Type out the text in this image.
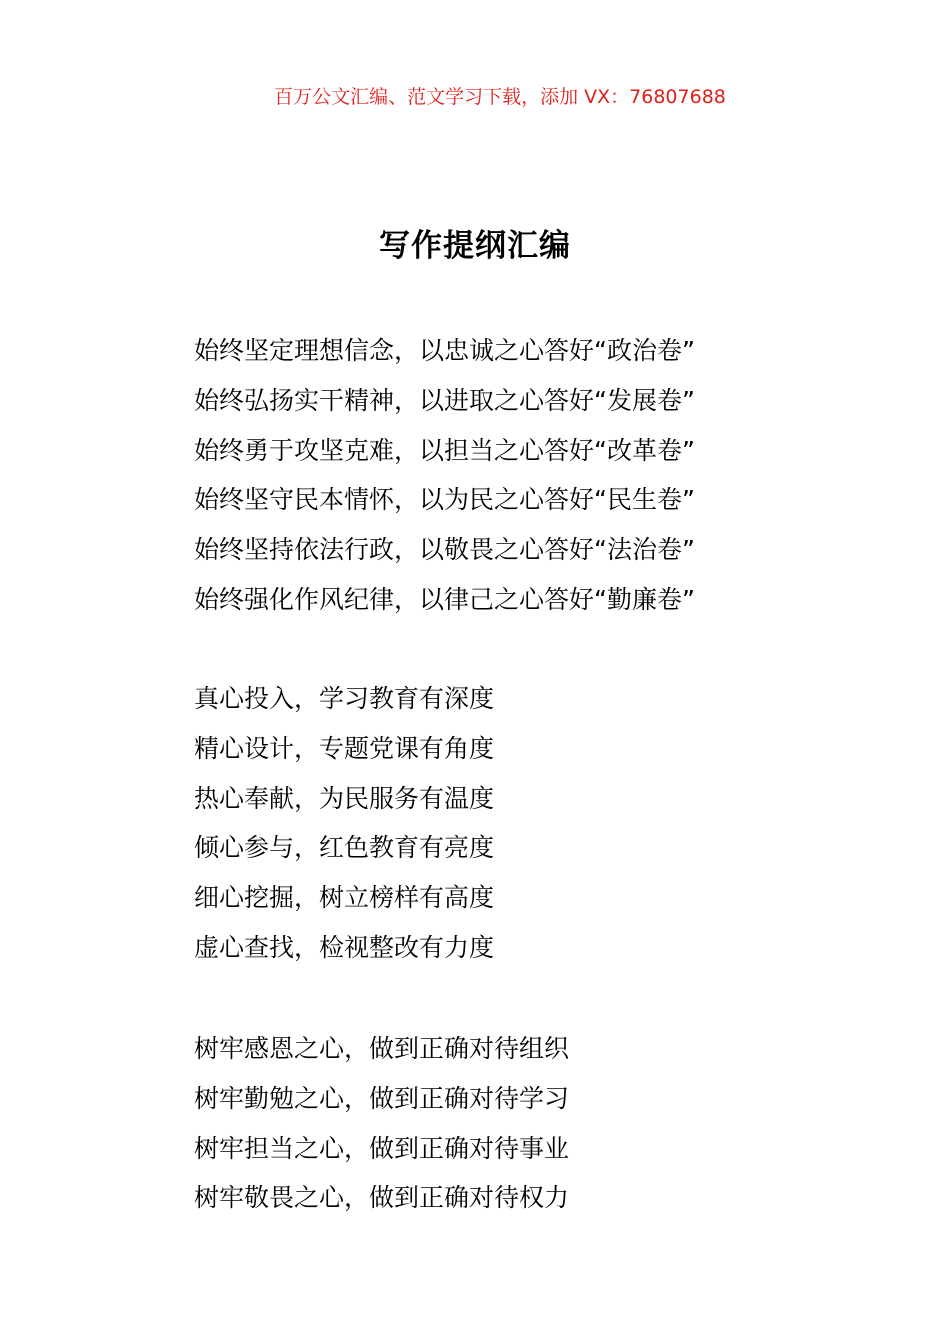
百万公文汇编、范文学习下载，添加 VX：76807688
写作提纲汇编
始终坚定理想信念，以忠诚之心答好“政治卷”
始终弘扬实干精神，以进取之心答好“发展卷”
始终勇于攻坚克难，以担当之心答好“改革卷”
始终坚守民本情怀，以为民之心答好“民生卷”
始终坚持依法行政，以敬畏之心答好“法治卷”
始终强化作风纪律，以律己之心答好“勤廉卷”
真心投入，学习教育有深度
精心设计，专题党课有角度
热心奉献，为民服务有温度
倾心参与，红色教育有亮度
细心挖掘，树立榜样有高度
虚心查找，检视整改有力度
树牢感恩之心，做到正确对待组织
树牢勤勉之心，做到正确对待学习
树牢担当之心，做到正确对待事业
树牢敬畏之心，做到正确对待权力
